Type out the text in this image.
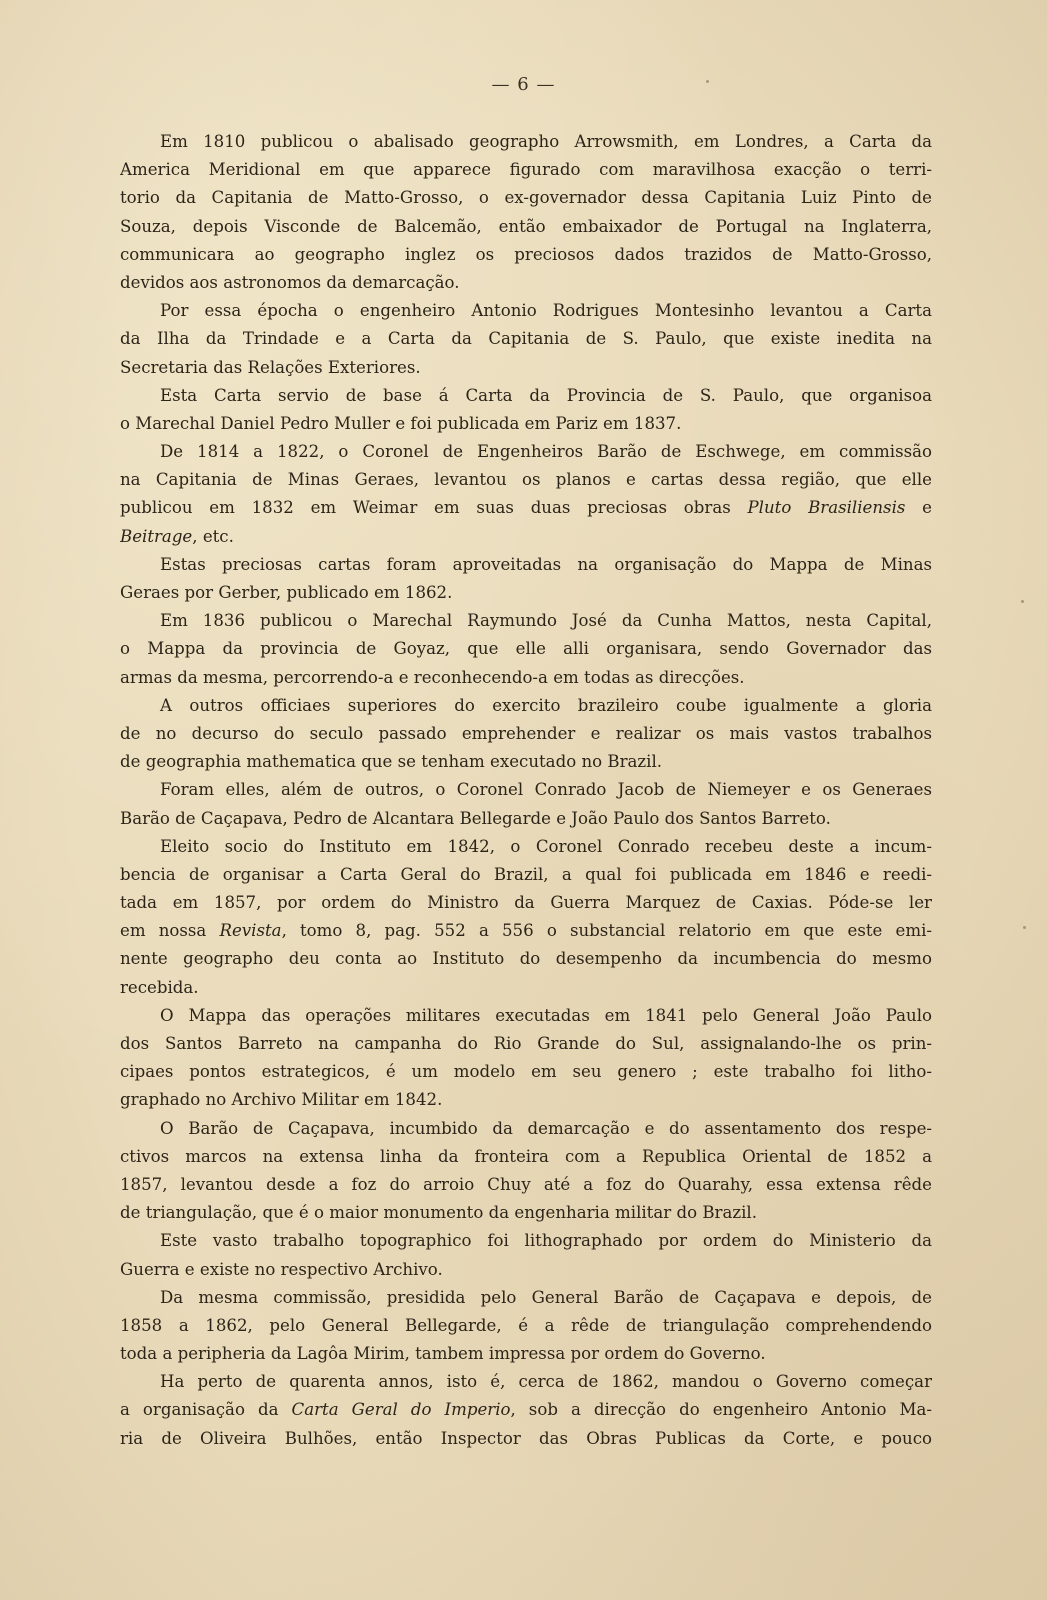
— 6 —
Em 1810 publicou o abalisado geographo Arrowsmith, em Londres, a Carta da
America Meridional em que apparece figurado com maravilhosa exacção o terri-
torio da Capitania de Matto-Grosso, o ex-governador dessa Capitania Luiz Pinto de
Souza, depois Visconde de Balcemão, então embaixador de Portugal na Inglaterra,
communicara ao geographo inglez os preciosos dados trazidos de Matto-Grosso,
devidos aos astronomos da demarcação.
Por essa épocha o engenheiro Antonio Rodrigues Montesinho levantou a Carta
da Ilha da Trindade e a Carta da Capitania de S. Paulo, que existe inedita na
Secretaria das Relações Exteriores.
Esta Carta servio de base á Carta da Provincia de S. Paulo, que organisoa
o Marechal Daniel Pedro Muller e foi publicada em Pariz em 1837.
De 1814 a 1822, o Coronel de Engenheiros Barão de Eschwege, em commissão
na Capitania de Minas Geraes, levantou os planos e cartas dessa região, que elle
publicou em 1832 em Weimar em suas duas preciosas obras Pluto Brasiliensis e
Beitrage, etc.
Estas preciosas cartas foram aproveitadas na organisação do Mappa de Minas
Geraes por Gerber, publicado em 1862.
Em 1836 publicou o Marechal Raymundo José da Cunha Mattos, nesta Capital,
o Mappa da provincia de Goyaz, que elle alli organisara, sendo Governador das
armas da mesma, percorrendo-a e reconhecendo-a em todas as direcções.
A outros officiaes superiores do exercito brazileiro coube igualmente a gloria
de no decurso do seculo passado emprehender e realizar os mais vastos trabalhos
de geographia mathematica que se tenham executado no Brazil.
Foram elles, além de outros, o Coronel Conrado Jacob de Niemeyer e os Generaes
Barão de Caçapava, Pedro de Alcantara Bellegarde e João Paulo dos Santos Barreto.
Eleito socio do Instituto em 1842, o Coronel Conrado recebeu deste a incum-
bencia de organisar a Carta Geral do Brazil, a qual foi publicada em 1846 e reedi-
tada em 1857, por ordem do Ministro da Guerra Marquez de Caxias. Póde-se ler
em nossa Revista, tomo 8, pag. 552 a 556 o substancial relatorio em que este emi-
nente geographo deu conta ao Instituto do desempenho da incumbencia do mesmo
recebida.
O Mappa das operações militares executadas em 1841 pelo General João Paulo
dos Santos Barreto na campanha do Rio Grande do Sul, assignalando-lhe os prin-
cipaes pontos estrategicos, é um modelo em seu genero ; este trabalho foi litho-
graphado no Archivo Militar em 1842.
O Barão de Caçapava, incumbido da demarcação e do assentamento dos respe-
ctivos marcos na extensa linha da fronteira com a Republica Oriental de 1852 a
1857, levantou desde a foz do arroio Chuy até a foz do Quarahy, essa extensa rêde
de triangulação, que é o maior monumento da engenharia militar do Brazil.
Este vasto trabalho topographico foi lithographado por ordem do Ministerio da
Guerra e existe no respectivo Archivo.
Da mesma commissão, presidida pelo General Barão de Caçapava e depois, de
1858 a 1862, pelo General Bellegarde, é a rêde de triangulação comprehendendo
toda a peripheria da Lagôa Mirim, tambem impressa por ordem do Governo.
Ha perto de quarenta annos, isto é, cerca de 1862, mandou o Governo começar
a organisação da Carta Geral do Imperio, sob a direcção do engenheiro Antonio Ma-
ria de Oliveira Bulhões, então Inspector das Obras Publicas da Corte, e pouco
